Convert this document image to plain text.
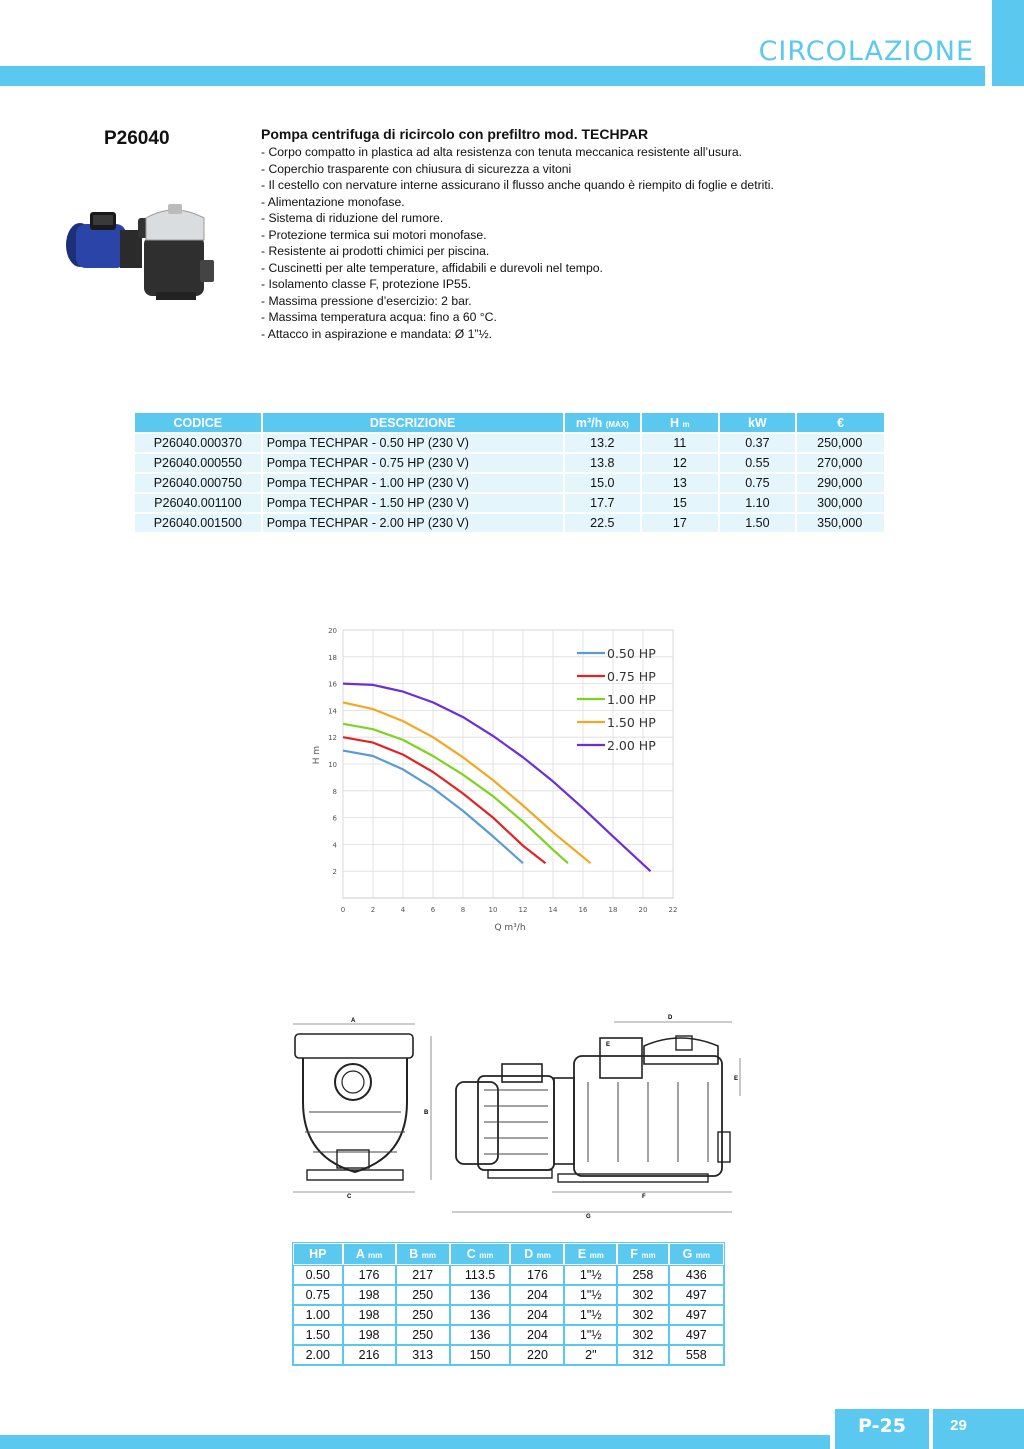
CIRCOLAZIONE
P26040	Pompa centrifuga di ricircolo con prefiltro mod. TECHPAR
- Corpo compatto in plastica ad alta resistenza con tenuta meccanica resistente all’usura.
- Coperchio trasparente con chiusura di sicurezza a vitoni
- Il cestello con nervature interne assicurano il flusso anche quando è riempito di foglie e detriti.
- Alimentazione monofase.
- Sistema di riduzione del rumore.
- Protezione termica sui motori monofase.
- Resistente ai prodotti chimici per piscina.
- Cuscinetti per alte temperature, affidabili e durevoli nel tempo.
- Isolamento classe F, protezione IP55.
- Massima pressione d’esercizio: 2 bar.
- Massima temperatura acqua: fino a 60 °C.
- Attacco in aspirazione e mandata: Ø 1”½.
CODICE	DESCRIZIONE	m³/h (MAX)	H m	kW	€
P26040.000370	Pompa TECHPAR - 0.50 HP (230 V)	13.2	11	0.37	250,000
P26040.000550	Pompa TECHPAR - 0.75 HP (230 V)	13.8	12	0.55	270,000
P26040.000750	Pompa TECHPAR - 1.00 HP (230 V)	15.0	13	0.75	290,000
P26040.001100	Pompa TECHPAR - 1.50 HP (230 V)	17.7	15	1.10	300,000
P26040.001500	Pompa TECHPAR - 2.00 HP (230 V)	22.5	17	1.50	350,000
0	2	4	6	8	10	12	14	16	18	20	22
2
4
6
8
10
12
14
16
18
20
0.50 HP
0.75 HP
1.00 HP
1.50 HP
2.00 HP
Q m³/h
H m
A
C
B
D
E
E
F
G
HP	A mm	B mm	C mm	D mm	E mm	F mm	G mm
0.50	176	217	113.5	176	1"½	258	436
0.75	198	250	136	204	1"½	302	497
1.00	198	250	136	204	1"½	302	497
1.50	198	250	136	204	1"½	302	497
2.00	216	313	150	220	2"	312	558
P-25	29
